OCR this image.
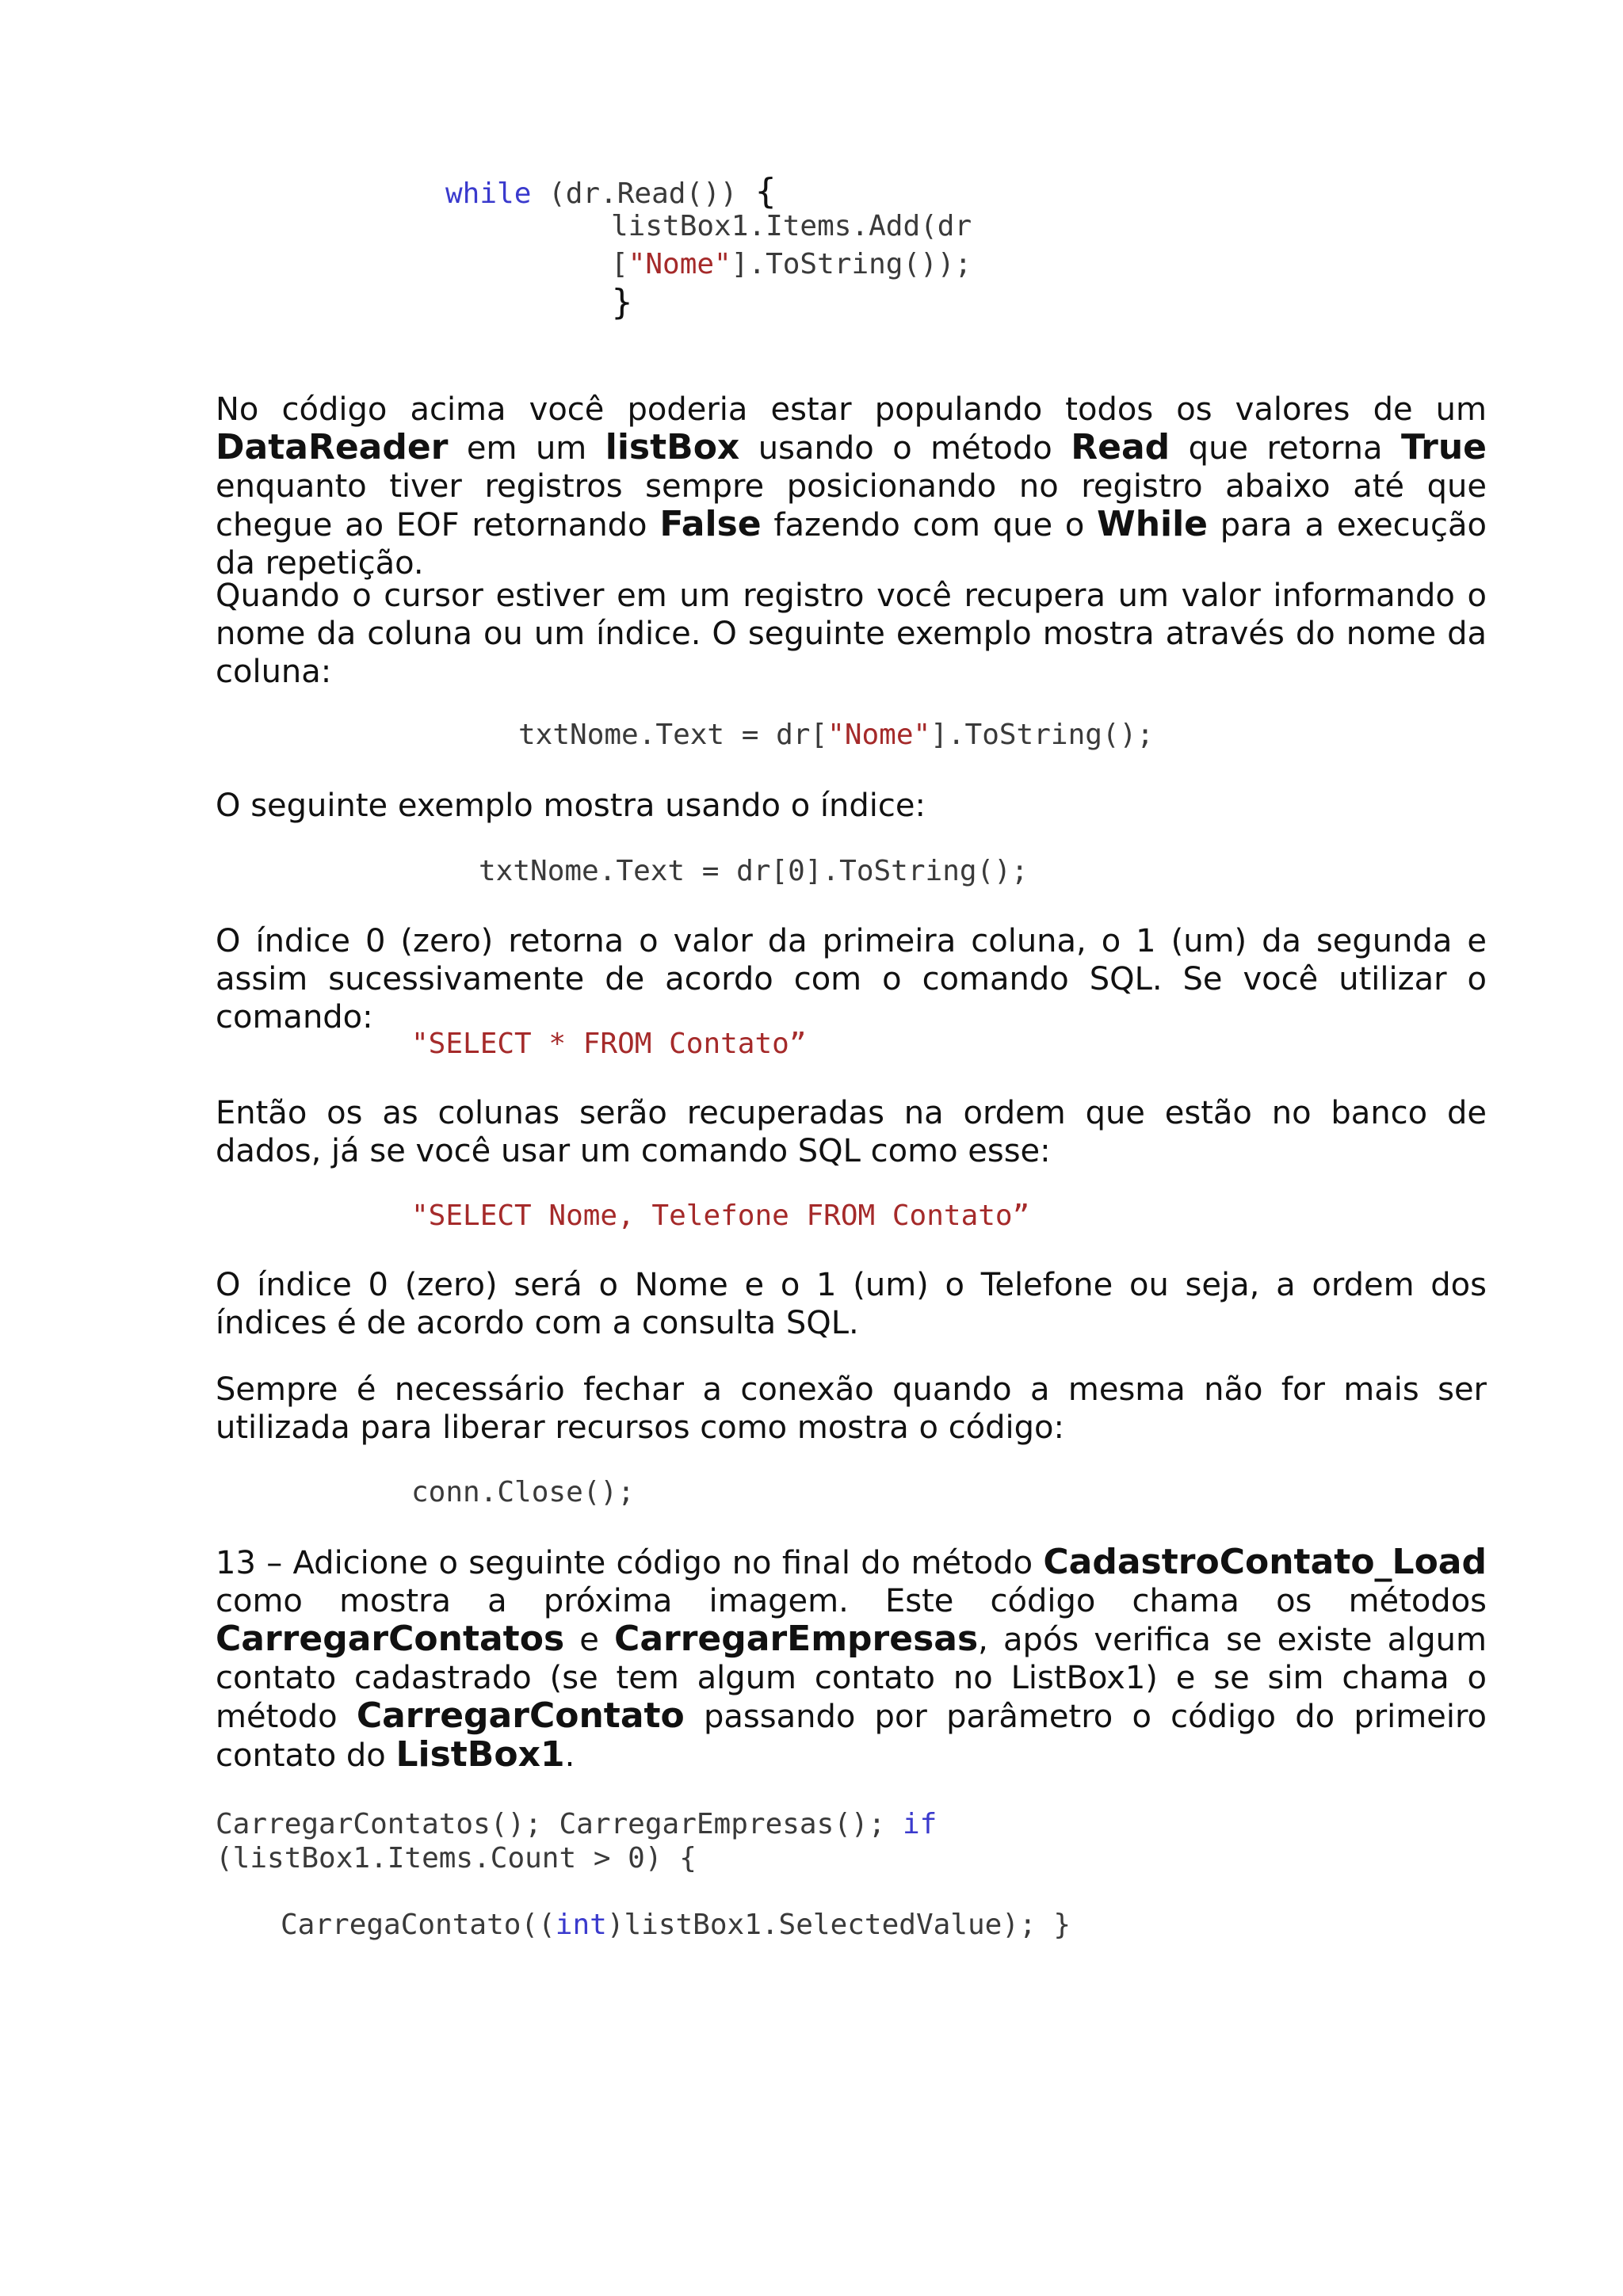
while (dr.Read()) {
listBox1.Items.Add(dr
["Nome"].ToString());
}
No código acima você poderia estar populando todos os valores de um DataReader em um listBox usando o método Read que retorna True enquanto tiver registros sempre posicionando no registro abaixo até que chegue ao EOF retornando False fazendo com que o While para a execução da repetição.
Quando o cursor estiver em um registro você recupera um valor informando o nome da coluna ou um índice. O seguinte exemplo mostra através do nome da coluna:
txtNome.Text = dr["Nome"].ToString();
O seguinte exemplo mostra usando o índice:
txtNome.Text = dr[0].ToString();
O índice 0 (zero) retorna o valor da primeira coluna, o 1 (um) da segunda e assim sucessivamente de acordo com o comando SQL. Se você utilizar o comando:
"SELECT * FROM Contato”
Então os as colunas serão recuperadas na ordem que estão no banco de dados, já se você usar um comando SQL como esse:
"SELECT Nome, Telefone FROM Contato”
O índice 0 (zero) será o Nome e o 1 (um) o Telefone ou seja, a ordem dos índices é de acordo com a consulta SQL.
Sempre é necessário fechar a conexão quando a mesma não for mais ser utilizada para liberar recursos como mostra o código:
conn.Close();
13 – Adicione o seguinte código no final do método CadastroContato_Load como mostra a próxima imagem. Este código chama os métodos CarregarContatos e CarregarEmpresas, após verifica se existe algum contato cadastrado (se tem algum contato no ListBox1) e se sim chama o método CarregarContato passando por parâmetro o código do primeiro contato do ListBox1.
CarregarContatos(); CarregarEmpresas(); if
(listBox1.Items.Count > 0) {
CarregaContato((int)listBox1.SelectedValue); }
